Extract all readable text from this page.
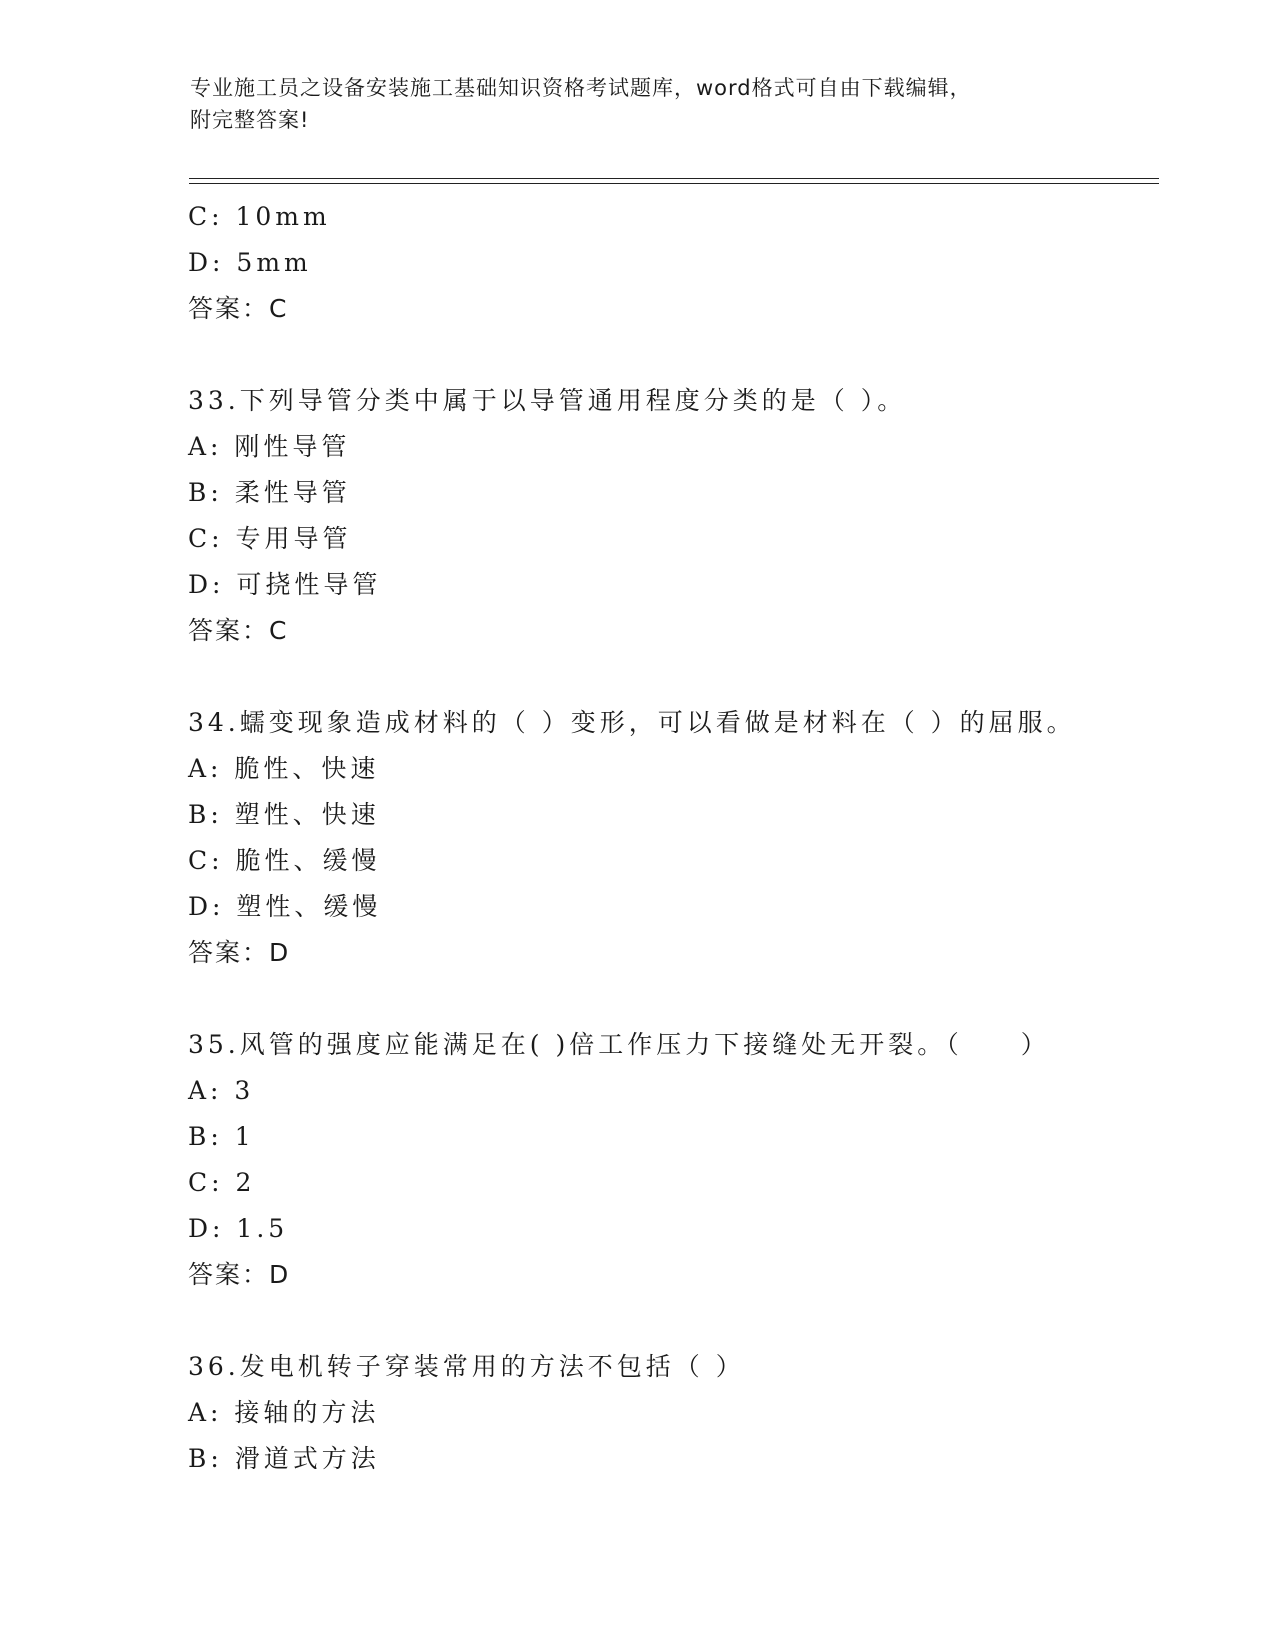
专业施工员之设备安装施工基础知识资格考试题库，word格式可自由下载编辑，
附完整答案!
C: 10mm
D: 5mm
答案：C
33.下列导管分类中属于以导管通用程度分类的是（ ）。
A: 刚性导管
B: 柔性导管
C: 专用导管
D: 可挠性导管
答案：C
34.蠕变现象造成材料的（ ）变形，可以看做是材料在（ ）的屈服。
A: 脆性、快速
B: 塑性、快速
C: 脆性、缓慢
D: 塑性、缓慢
答案：D
35.风管的强度应能满足在( )倍工作压力下接缝处无开裂。（　　）
A: 3
B: 1
C: 2
D: 1.5
答案：D
36.发电机转子穿装常用的方法不包括（ ）
A: 接轴的方法
B: 滑道式方法
